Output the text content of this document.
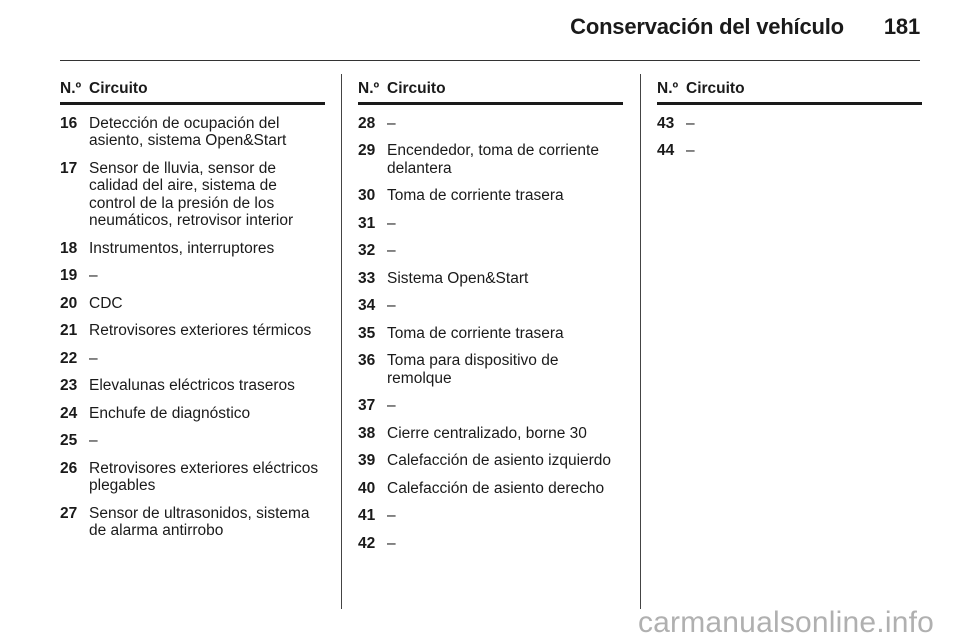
Conservación del vehículo 181
N.º Circuito
16 Detección de ocupación del asiento, sistema Open&Start
17 Sensor de lluvia, sensor de calidad del aire, sistema de control de la presión de los neumáticos, retrovisor interior
18 Instrumentos, interruptores
19 –
20 CDC
21 Retrovisores exteriores térmicos
22 –
23 Elevalunas eléctricos traseros
24 Enchufe de diagnóstico
25 –
26 Retrovisores exteriores eléctricos plegables
27 Sensor de ultrasonidos, sistema de alarma antirrobo
N.º Circuito
28 –
29 Encendedor, toma de corriente delantera
30 Toma de corriente trasera
31 –
32 –
33 Sistema Open&Start
34 –
35 Toma de corriente trasera
36 Toma para dispositivo de remolque
37 –
38 Cierre centralizado, borne 30
39 Calefacción de asiento izquierdo
40 Calefacción de asiento derecho
41 –
42 –
N.º Circuito
43 –
44 –
carmanualsonline.info
